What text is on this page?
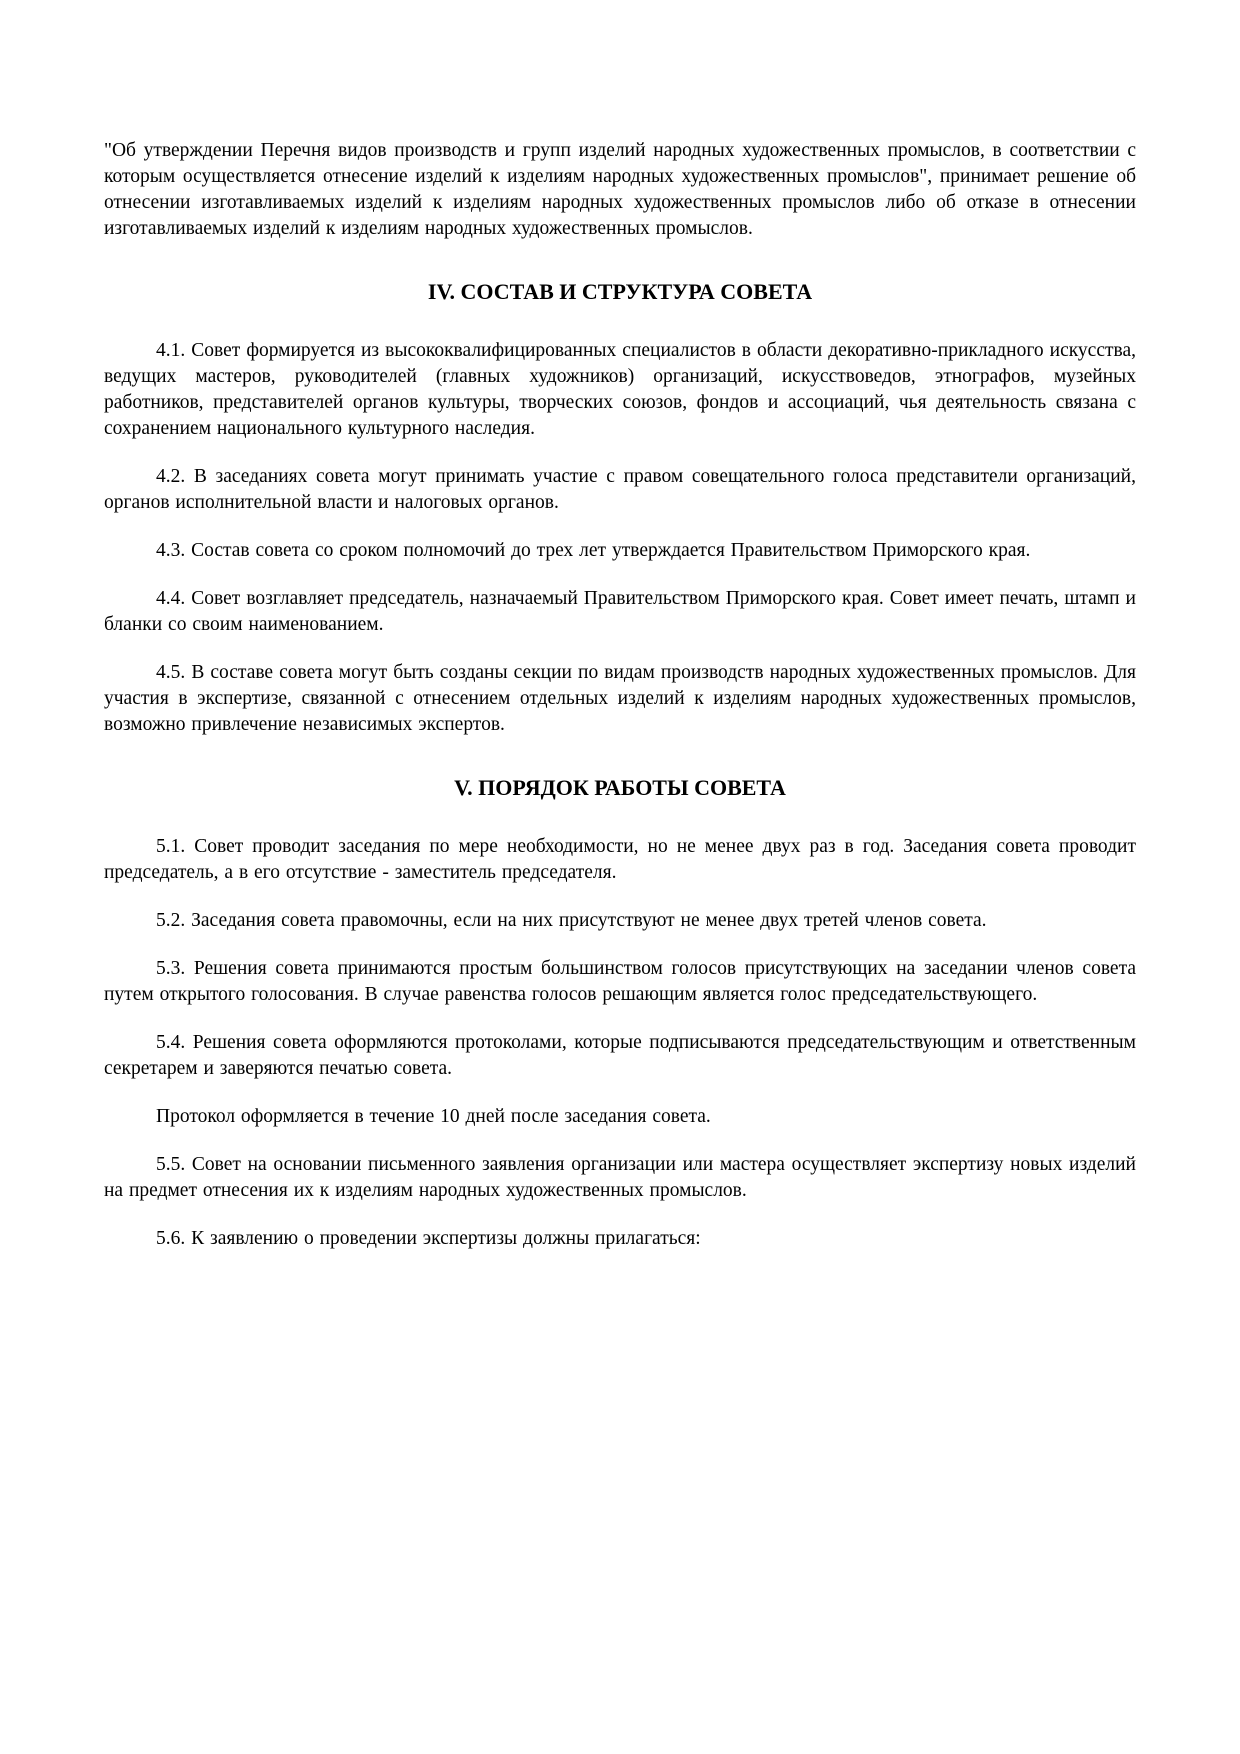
"Об утверждении Перечня видов производств и групп изделий народных художественных промыслов, в соответствии с которым осуществляется отнесение изделий к изделиям народных художественных промыслов", принимает решение об отнесении изготавливаемых изделий к изделиям народных художественных промыслов либо об отказе в отнесении изготавливаемых изделий к изделиям народных художественных промыслов.

IV. СОСТАВ И СТРУКТУРА СОВЕТА

4.1. Совет формируется из высококвалифицированных специалистов в области декоративно-прикладного искусства, ведущих мастеров, руководителей (главных художников) организаций, искусствоведов, этнографов, музейных работников, представителей органов культуры, творческих союзов, фондов и ассоциаций, чья деятельность связана с сохранением национального культурного наследия.

4.2. В заседаниях совета могут принимать участие с правом совещательного голоса представители организаций, органов исполнительной власти и налоговых органов.

4.3. Состав совета со сроком полномочий до трех лет утверждается Правительством Приморского края.

4.4. Совет возглавляет председатель, назначаемый Правительством Приморского края. Совет имеет печать, штамп и бланки со своим наименованием.

4.5. В составе совета могут быть созданы секции по видам производств народных художественных промыслов. Для участия в экспертизе, связанной с отнесением отдельных изделий к изделиям народных художественных промыслов, возможно привлечение независимых экспертов.

V. ПОРЯДОК РАБОТЫ СОВЕТА

5.1. Совет проводит заседания по мере необходимости, но не менее двух раз в год. Заседания совета проводит председатель, а в его отсутствие - заместитель председателя.

5.2. Заседания совета правомочны, если на них присутствуют не менее двух третей членов совета.

5.3. Решения совета принимаются простым большинством голосов присутствующих на заседании членов совета путем открытого голосования. В случае равенства голосов решающим является голос председательствующего.

5.4. Решения совета оформляются протоколами, которые подписываются председательствующим и ответственным секретарем и заверяются печатью совета.

Протокол оформляется в течение 10 дней после заседания совета.

5.5. Совет на основании письменного заявления организации или мастера осуществляет экспертизу новых изделий на предмет отнесения их к изделиям народных художественных промыслов.

5.6. К заявлению о проведении экспертизы должны прилагаться:
